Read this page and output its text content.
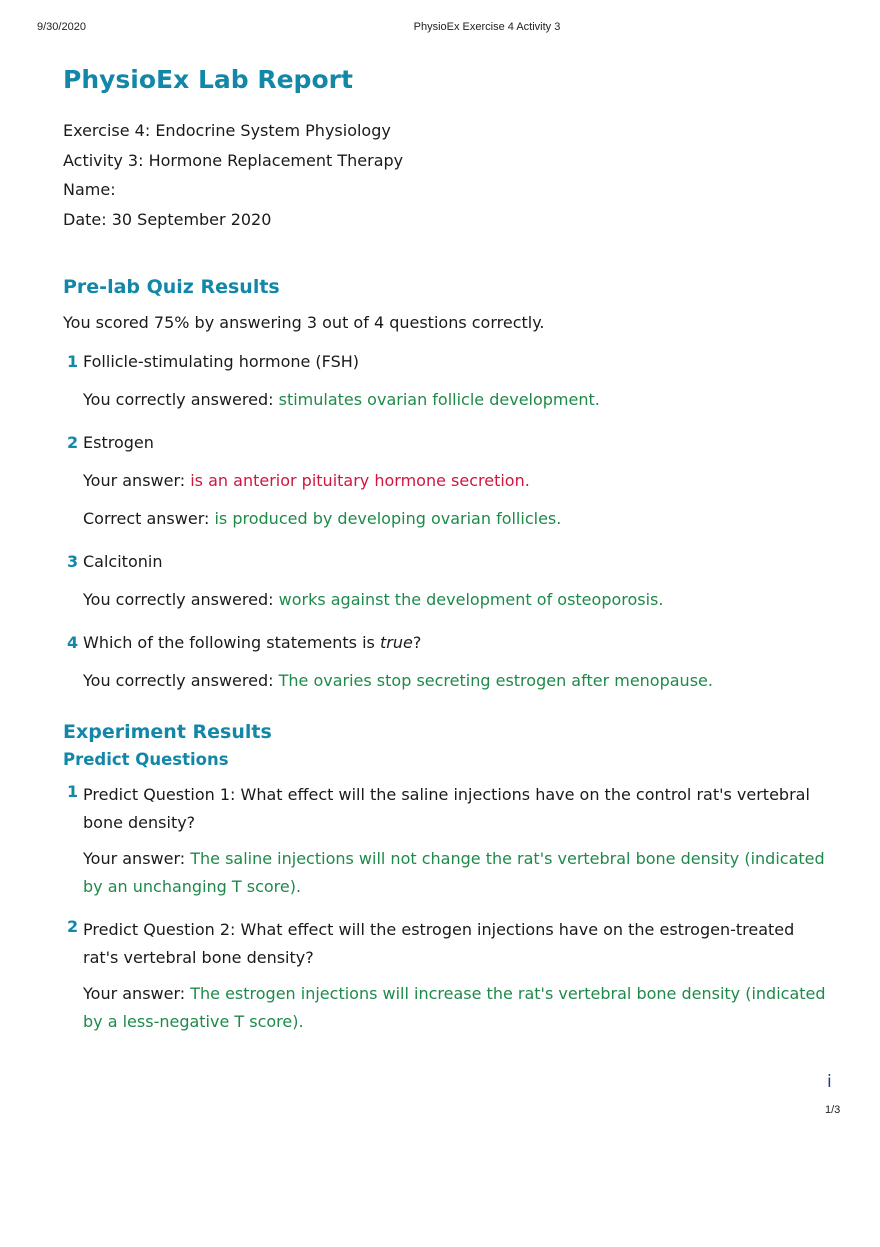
9/30/2020	PhysioEx Exercise 4 Activity 3
PhysioEx Lab Report
Exercise 4: Endocrine System Physiology
Activity 3: Hormone Replacement Therapy
Name:
Date: 30 September 2020
Pre-lab Quiz Results
You scored 75% by answering 3 out of 4 questions correctly.
1 Follicle-stimulating hormone (FSH)
You correctly answered: stimulates ovarian follicle development.
2 Estrogen
Your answer: is an anterior pituitary hormone secretion.
Correct answer: is produced by developing ovarian follicles.
3 Calcitonin
You correctly answered: works against the development of osteoporosis.
4 Which of the following statements is true?
You correctly answered: The ovaries stop secreting estrogen after menopause.
Experiment Results
Predict Questions
1 Predict Question 1: What effect will the saline injections have on the control rat's vertebral bone density?
Your answer: The saline injections will not change the rat's vertebral bone density (indicated by an unchanging T score).
2 Predict Question 2: What effect will the estrogen injections have on the estrogen-treated rat's vertebral bone density?
Your answer: The estrogen injections will increase the rat's vertebral bone density (indicated by a less-negative T score).
i
1/3
